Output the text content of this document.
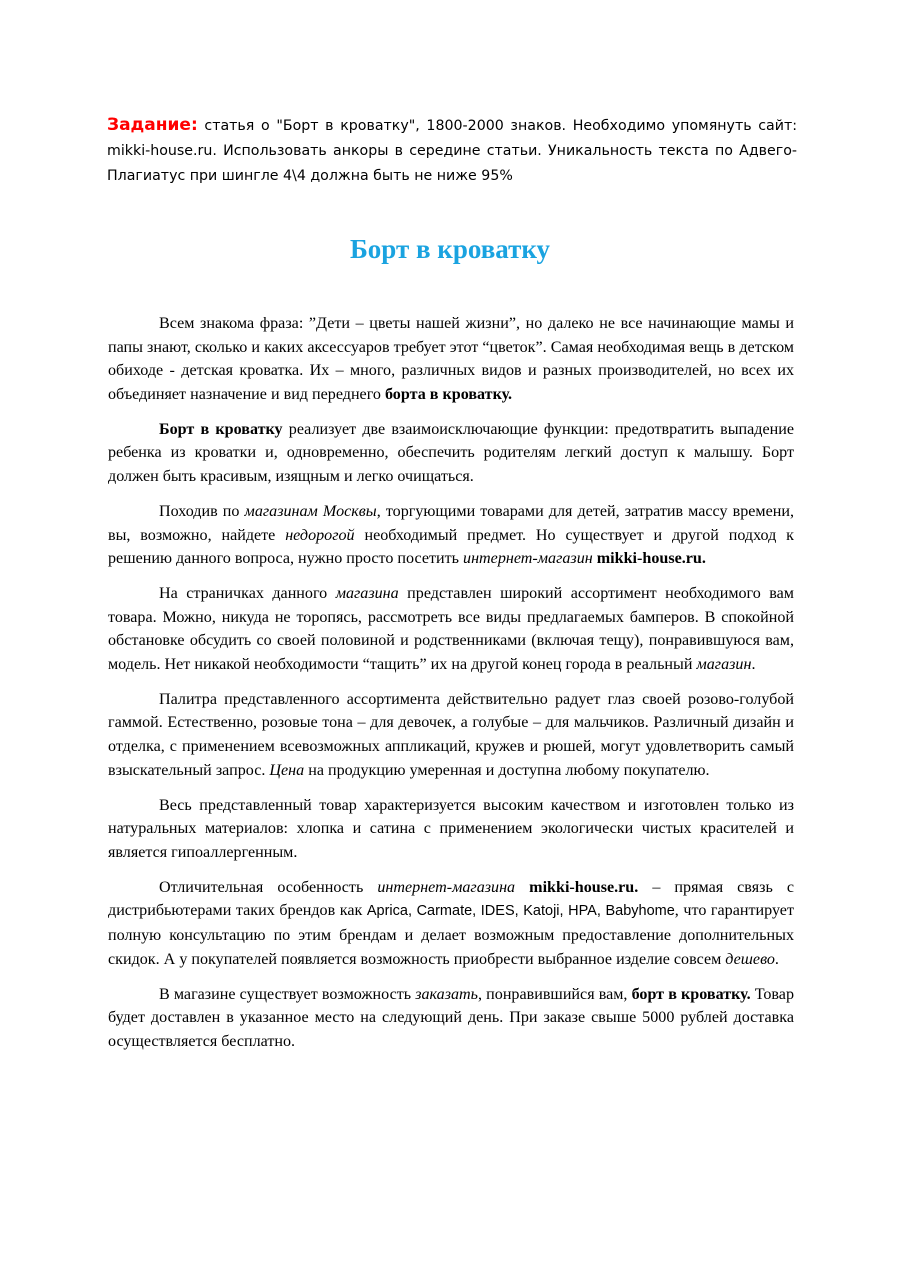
Задание: статья о "Борт в кроватку", 1800-2000 знаков. Необходимо упомянуть сайт: mikki-house.ru. Использовать анкоры в середине статьи. Уникальность текста по Адвего-Плагиатус при шингле 4\4 должна быть не ниже 95%
Борт в кроватку

Всем знакома фраза: ”Дети – цветы нашей жизни”, но далеко не все начинающие мамы и папы знают, сколько и каких аксессуаров требует этот “цветок”. Самая необходимая вещь в детском обиходе - детская кроватка. Их – много, различных видов и разных производителей, но всех их объединяет назначение и вид переднего борта в кроватку.

Борт в кроватку реализует две взаимоисключающие функции: предотвратить выпадение ребенка из кроватки и, одновременно, обеспечить родителям легкий доступ к малышу. Борт должен быть красивым, изящным и легко очищаться.

Походив по магазинам Москвы, торгующими товарами для детей, затратив массу времени, вы, возможно, найдете недорогой необходимый предмет. Но существует и другой подход к решению данного вопроса, нужно просто посетить интернет-магазин mikki-house.ru.

На страничках данного магазина представлен широкий ассортимент необходимого вам товара. Можно, никуда не торопясь, рассмотреть все виды предлагаемых бамперов. В спокойной обстановке обсудить со своей половиной и родственниками (включая тещу), понравившуюся вам, модель. Нет никакой необходимости “тащить” их на другой конец города в реальный магазин.

Палитра представленного ассортимента действительно радует глаз своей розово-голубой гаммой. Естественно, розовые тона – для девочек, а голубые – для мальчиков. Различный дизайн и отделка, с применением всевозможных аппликаций, кружев и рюшей, могут удовлетворить самый взыскательный запрос. Цена на продукцию умеренная и доступна любому покупателю.

Весь представленный товар характеризуется высоким качеством и изготовлен только из натуральных материалов: хлопка и сатина с применением экологически чистых красителей и является гипоаллергенным.

Отличительная особенность интернет-магазина mikki-house.ru. – прямая связь с дистрибьютерами таких брендов как Aprica, Carmate, IDES, Katoji, HPA, Babyhome, что гарантирует полную консультацию по этим брендам и делает возможным предоставление дополнительных скидок. А у покупателей появляется возможность приобрести выбранное изделие совсем дешево.

В магазине существует возможность заказать, понравившийся вам, борт в кроватку. Товар будет доставлен в указанное место на следующий день. При заказе свыше 5000 рублей доставка осуществляется бесплатно.
